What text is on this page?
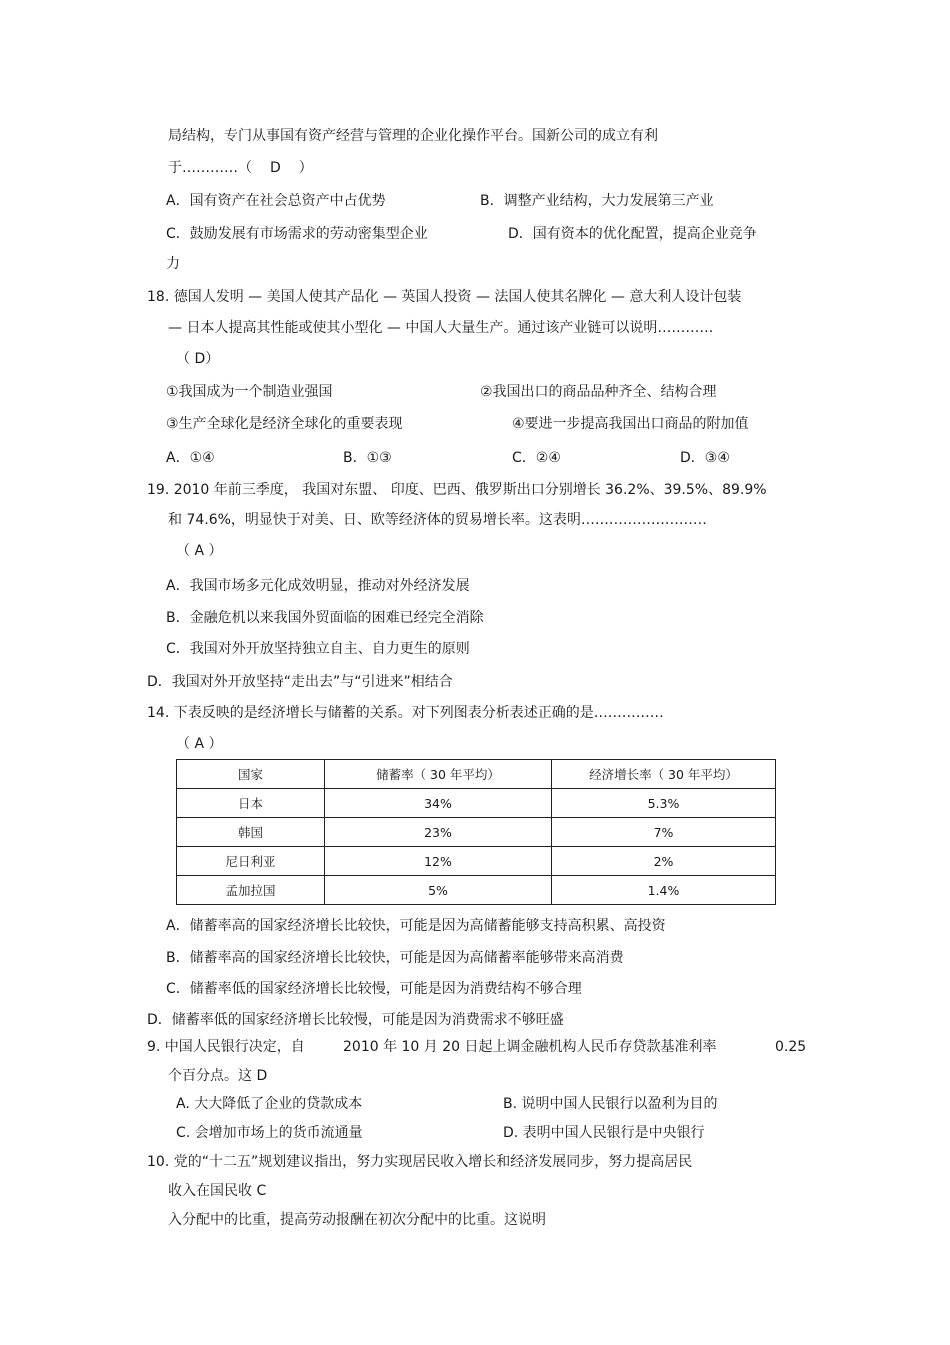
局结构，专门从事国有资产经营与管理的企业化操作平台。国新公司的成立有利
于…………（ D ）
A．国有资产在社会总资产中占优势	B．调整产业结构，大力发展第三产业
C．鼓励发展有市场需求的劳动密集型企业	D．国有资本的优化配置，提高企业竞争
力
18. 德国人发明 — 美国人使其产品化 — 英国人投资 — 法国人使其名牌化 — 意大利人设计包装
— 日本人提高其性能或使其小型化 — 中国人大量生产。通过该产业链可以说明…………
（ D）
①我国成为一个制造业强国	②我国出口的商品品种齐全、结构合理
③生产全球化是经济全球化的重要表现	④要进一步提高我国出口商品的附加值
A．①④	B．①③	C．②④	D．③④
19. 2010 年前三季度， 我国对东盟、 印度、巴西、俄罗斯出口分别增长 36.2%、39.5%、89.9%
和 74.6%，明显快于对美、日、欧等经济体的贸易增长率。这表明………………………
（ A ）
A．我国市场多元化成效明显，推动对外经济发展
B．金融危机以来我国外贸面临的困难已经完全消除
C．我国对外开放坚持独立自主、自力更生的原则
D．我国对外开放坚持“走出去”与“引进来”相结合
14. 下表反映的是经济增长与储蓄的关系。对下列图表分析表述正确的是……………
（ A ）
国家	储蓄率（ 30 年平均）	经济增长率（ 30 年平均）
日本	34%	5.3%
韩国	23%	7%
尼日利亚	12%	2%
孟加拉国	5%	1.4%
A．储蓄率高的国家经济增长比较快，可能是因为高储蓄能够支持高积累、高投资
B．储蓄率高的国家经济增长比较快，可能是因为高储蓄率能够带来高消费
C．储蓄率低的国家经济增长比较慢，可能是因为消费结构不够合理
D．储蓄率低的国家经济增长比较慢，可能是因为消费需求不够旺盛
9. 中国人民银行决定，自	2010 年 10 月 20 日起上调金融机构人民币存贷款基准利率	0.25
个百分点。这 D
A. 大大降低了企业的贷款成本	B. 说明中国人民银行以盈利为目的
C. 会增加市场上的货币流通量	D. 表明中国人民银行是中央银行
10. 党的“十二五”规划建议指出，努力实现居民收入增长和经济发展同步，努力提高居民
收入在国民收 C
入分配中的比重，提高劳动报酬在初次分配中的比重。这说明
